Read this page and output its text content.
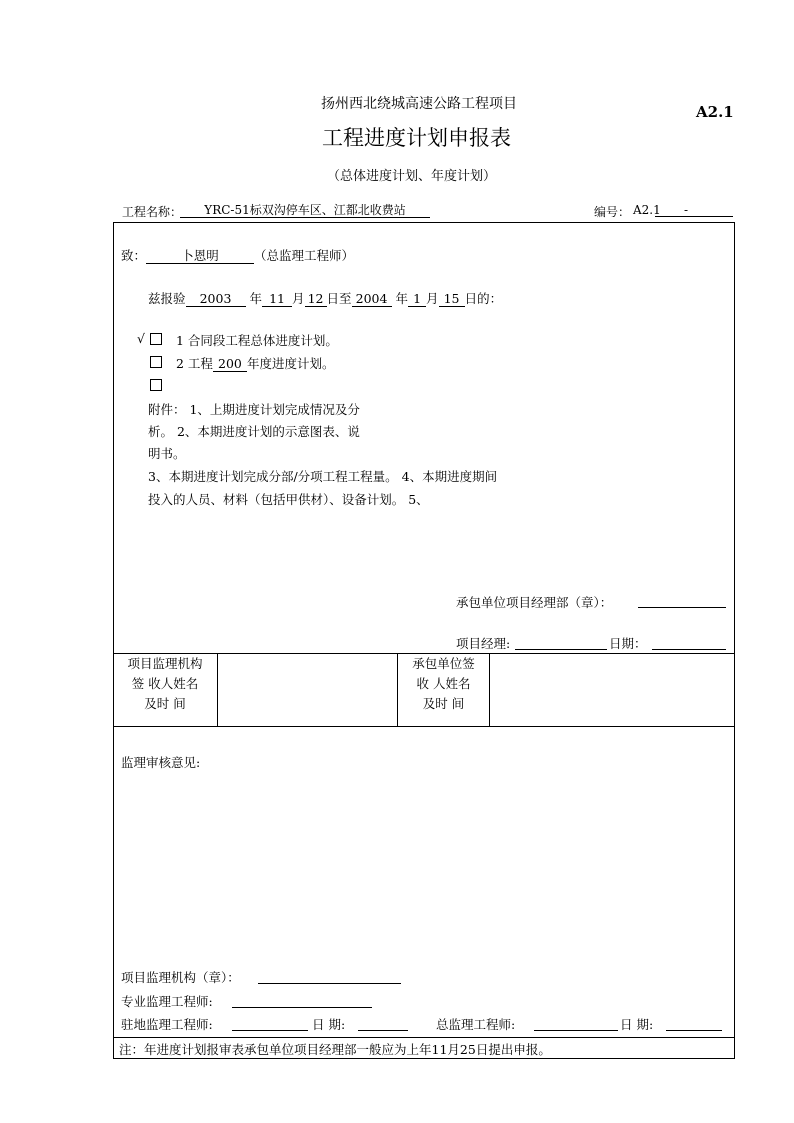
扬州西北绕城高速公路工程项目	A2.1
工程进度计划申报表
（总体进度计划、年度计划）
工程名称：	YRC-51标双沟停车区、江都北收费站	编号： A2.1 -
致：	卜恩明	（总监理工程师）
兹报验 2003 年 11 月 12 日至 2004 年 1 月 15 日的：
√ 1 合同段工程总体进度计划。
2 工程 200 年度进度计划。
附件： 1、上期进度计划完成情况及分
析。 2、本期进度计划的示意图表、说
明书。
3、本期进度计划完成分部/分项工程工程量。 4、本期进度期间
投入的人员、材料（包括甲供材）、设备计划。 5、
承包单位项目经理部（章）：
项目经理:	日期：
项目监理机构
签 收人姓名
及时 间
承包单位签
收 人姓名
及时 间
监理审核意见:
项目监理机构（章）：
专业监理工程师:
驻地监理工程师:	日 期:	总监理工程师:	日 期:
注：年进度计划报审表承包单位项目经理部一般应为上年11月25日提出申报。
